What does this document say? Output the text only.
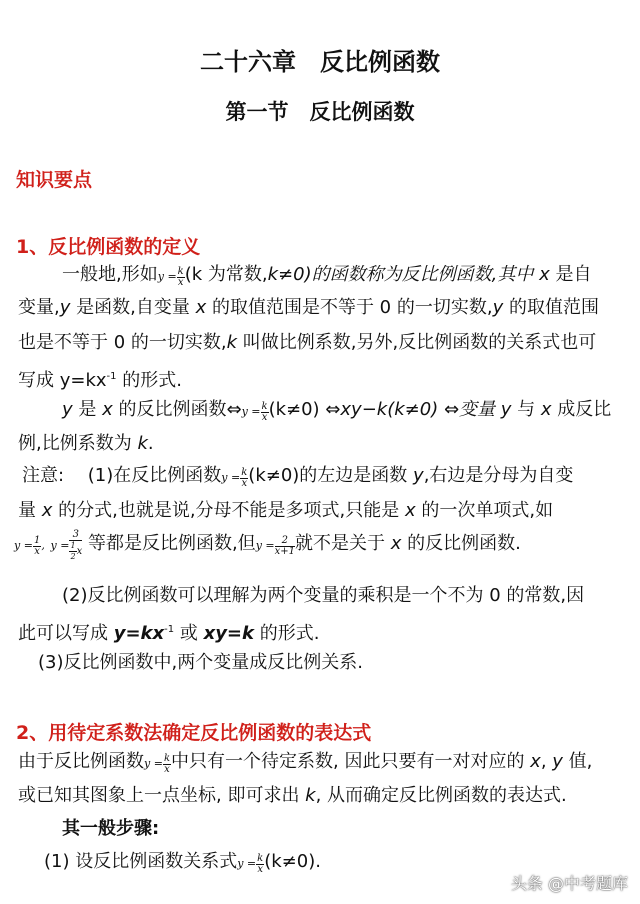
二十六章　反比例函数
第一节　反比例函数
知识要点
1、反比例函数的定义
一般地,形如$y = \frac{k}{x} (k$ 为常数,k≠0)的函数称为反比例函数,其中 x 是自
变量,y 是函数,自变量 x 的取值范围是不等于 0 的一切实数,y 的取值范围
也是不等于 0 的一切实数,k 叫做比例系数,另外,反比例函数的关系式也可
写成 $y=kx^{-1}$ 的形式.
y 是 x 的反比例函数⇔y = $\frac{k}{x} (k\ne 0)$ ⇔xy−k(k≠0) ⇔变量 y 与 x 成反比
例,比例系数为 k.
注意:　 (1)在反比例函数$y = \frac{k}{x} (k\ne 0)$的左边是函数 y,右边是分母为自变
量 x 的分式,也就是说,分母不能是多项式,只能是 x 的一次单项式,如
$y = \frac{1}{x}$ , $y = \frac{3}{\frac{1}{2} x}$ 等都是反比例函数,但$y = \frac{2}{x+1}$ 就不是关于 x 的反比例函数.
(2)反比例函数可以理解为两个变量的乘积是一个不为 0 的常数,因
此可以写成 $y=kx^{-1}$ 或 xy=k 的形式.
(3)反比例函数中,两个变量成反比例关系.
2、用待定系数法确定反比例函数的表达式
由于反比例函数$y = \frac{k}{x}$ 中只有一个待定系数, 因此只要有一对对应的 x, y 值,
或已知其图象上一点坐标, 即可求出 k, 从而确定反比例函数的表达式.
其一般步骤:
(1) 设反比例函数关系式$y = \frac{k}{x} (k\ne 0)$.
头条 @中考题库
